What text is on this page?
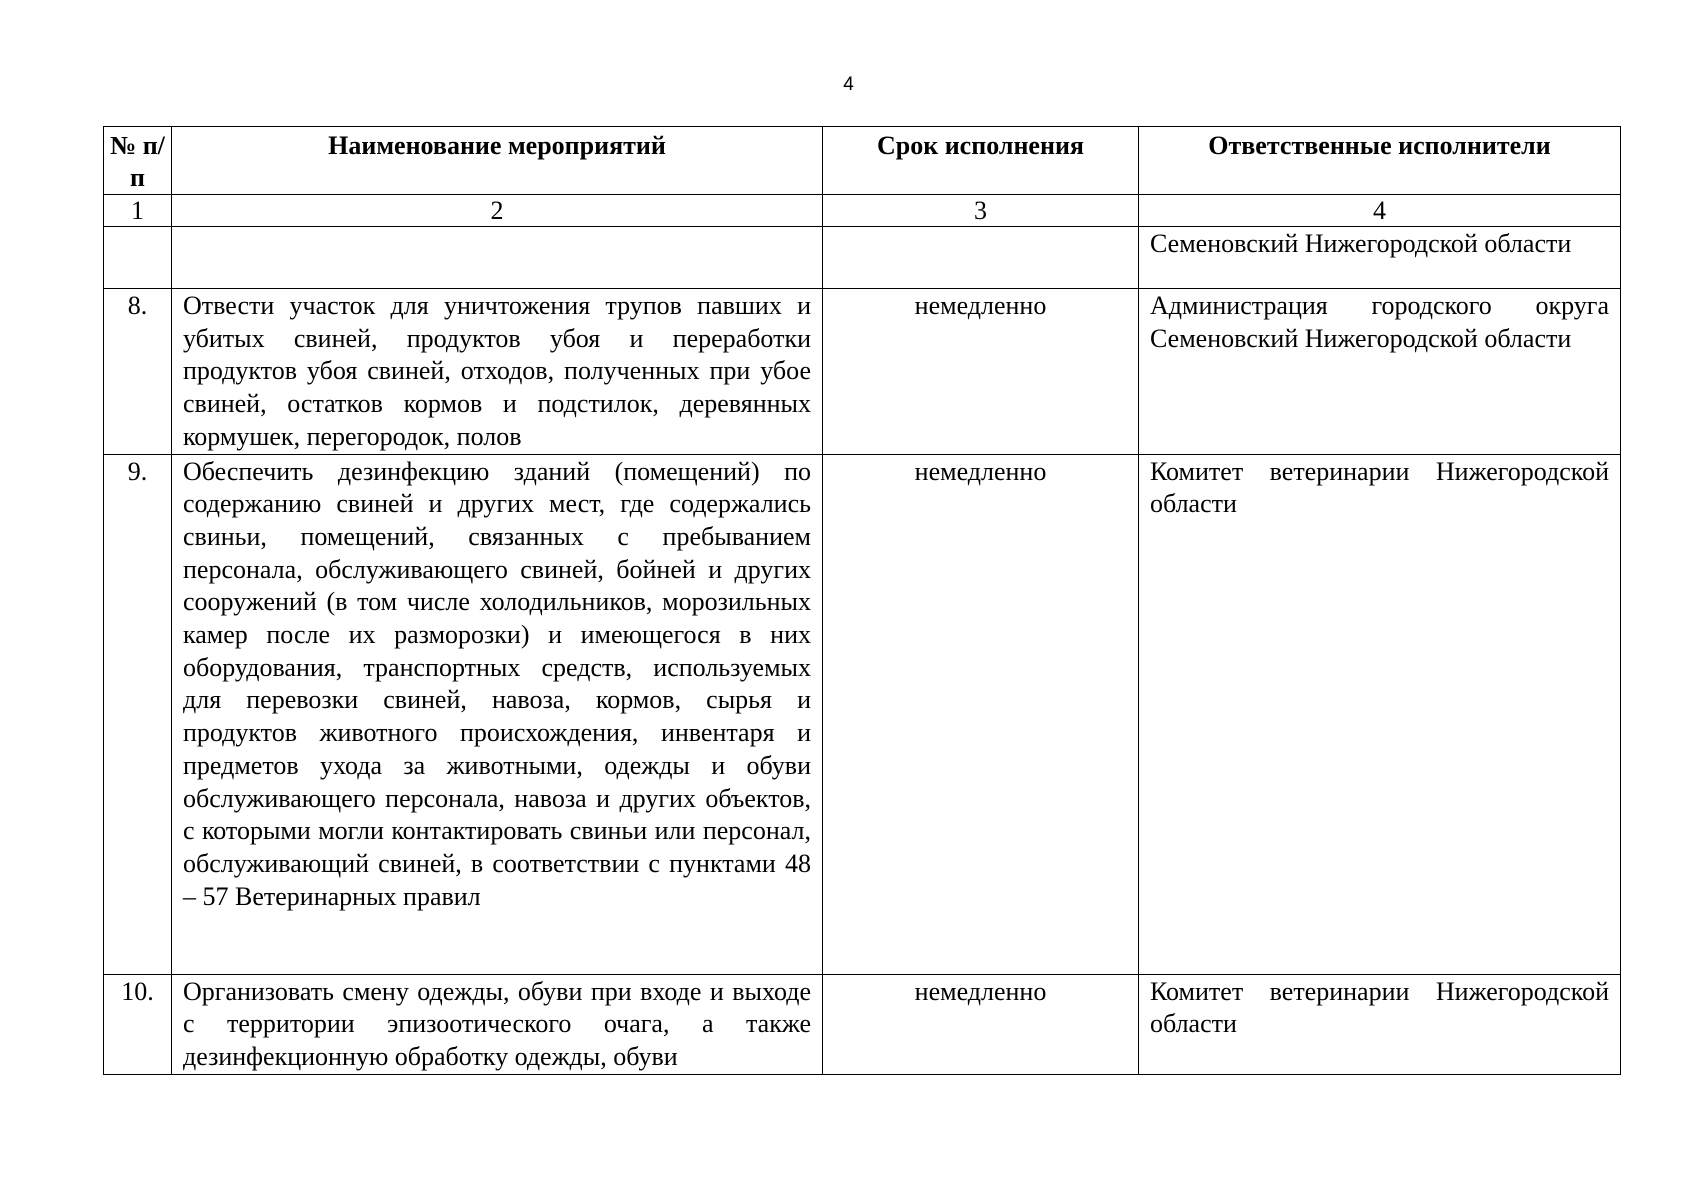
4
№ п/п	Наименование мероприятий	Срок исполнения	Ответственные исполнители
1	2	3	4
			Семеновский Нижегородской области
8.	Отвести участок для уничтожения трупов павших и убитых свиней, продуктов убоя и переработки продуктов убоя свиней, отходов, полученных при убое свиней, остатков кормов и подстилок, деревянных кормушек, перегородок, полов	немедленно	Администрация городского округа Семеновский Нижегородской области
9.	Обеспечить дезинфекцию зданий (помещений) по содержанию свиней и других мест, где содержались свиньи, помещений, связанных с пребыванием персонала, обслуживающего свиней, бойней и других сооружений (в том числе холодильников, морозильных камер после их разморозки) и имеющегося в них оборудования, транспортных средств, используемых для перевозки свиней, навоза, кормов, сырья и продуктов животного происхождения, инвентаря и предметов ухода за животными, одежды и обуви обслуживающего персонала, навоза и других объектов, с которыми могли контактировать свиньи или персонал, обслуживающий свиней, в соответствии с пунктами 48 – 57 Ветеринарных правил	немедленно	Комитет ветеринарии Нижегородской области
10.	Организовать смену одежды, обуви при входе и выходе с территории эпизоотического очага, а также дезинфекционную обработку одежды, обуви	немедленно	Комитет ветеринарии Нижегородской области
